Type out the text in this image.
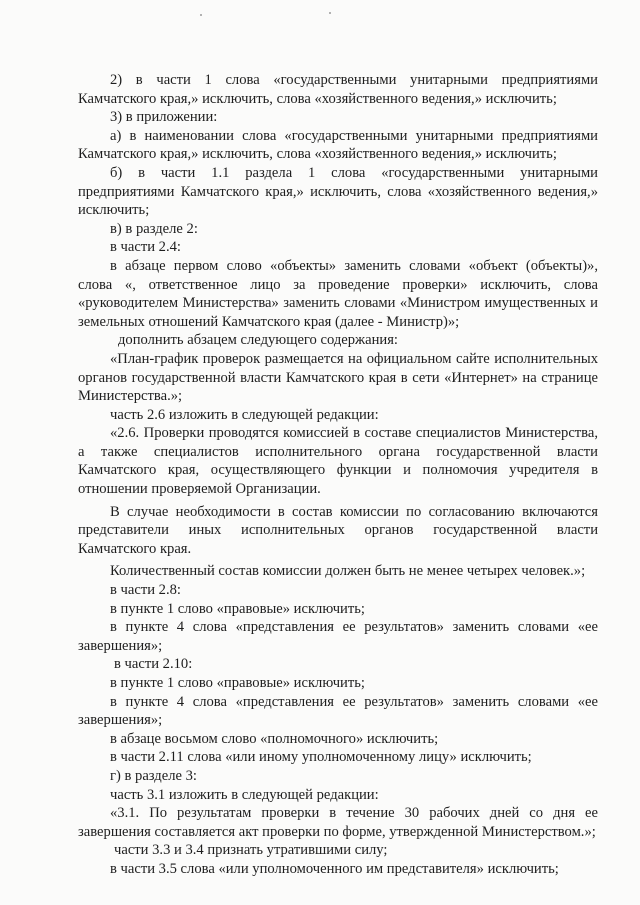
2) в части 1 слова «государственными унитарными предприятиями Камчатского края,» исключить, слова «хозяйственного ведения,» исключить;

3) в приложении:

а) в наименовании слова «государственными унитарными предприятиями Камчатского края,» исключить, слова «хозяйственного ведения,» исключить;

б) в части 1.1 раздела 1 слова «государственными унитарными предприятиями Камчатского края,» исключить, слова «хозяйственного ведения,» исключить;

в) в разделе 2:

в части 2.4:

в абзаце первом слово «объекты» заменить словами «объект (объекты)», слова «, ответственное лицо за проведение проверки» исключить, слова «руководителем Министерства» заменить словами «Министром имущественных и земельных отношений Камчатского края (далее - Министр)»;

дополнить абзацем следующего содержания:

«План-график проверок размещается на официальном сайте исполнительных органов государственной власти Камчатского края в сети «Интернет» на странице Министерства.»;

часть 2.6 изложить в следующей редакции:

«2.6. Проверки проводятся комиссией в составе специалистов Министерства, а также специалистов исполнительного органа государственной власти Камчатского края, осуществляющего функции и полномочия учредителя в отношении проверяемой Организации.

В случае необходимости в состав комиссии по согласованию включаются представители иных исполнительных органов государственной власти Камчатского края.

Количественный состав комиссии должен быть не менее четырех человек.»;

в части 2.8:

в пункте 1 слово «правовые» исключить;

в пункте 4 слова «представления ее результатов» заменить словами «ее завершения»;

в части 2.10:

в пункте 1 слово «правовые» исключить;

в пункте 4 слова «представления ее результатов» заменить словами «ее завершения»;

в абзаце восьмом слово «полномочного» исключить;

в части 2.11 слова «или иному уполномоченному лицу» исключить;

г) в разделе 3:

часть 3.1 изложить в следующей редакции:

«3.1. По результатам проверки в течение 30 рабочих дней со дня ее завершения составляется акт проверки по форме, утвержденной Министерством.»;

части 3.3 и 3.4 признать утратившими силу;

в части 3.5 слова «или уполномоченного им представителя» исключить;
